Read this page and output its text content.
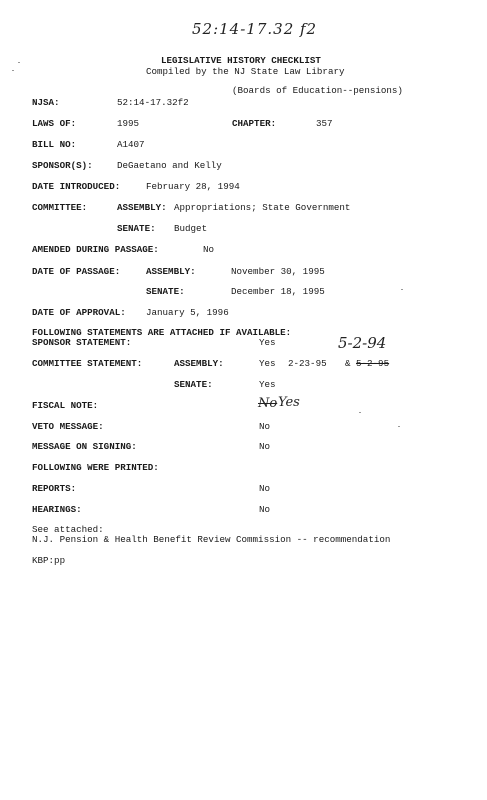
52:14-17.32 f2
LEGISLATIVE HISTORY CHECKLIST
Compiled by the NJ State Law Library
(Boards of Education--pensions)
NJSA:	52:14-17.32f2
LAWS OF:	1995	CHAPTER:	357
BILL NO:	A1407
SPONSOR(S):	DeGaetano and Kelly
DATE INTRODUCED:	February 28, 1994
COMMITTEE:	ASSEMBLY: Appropriations; State Government
SENATE: Budget
AMENDED DURING PASSAGE:	No
DATE OF PASSAGE:	ASSEMBLY:	November 30, 1995
SENATE:	December 18, 1995
DATE OF APPROVAL: January 5, 1996
FOLLOWING STATEMENTS ARE ATTACHED IF AVAILABLE:
SPONSOR STATEMENT:	Yes	5-2-94
COMMITTEE STATEMENT:	ASSEMBLY:	Yes 2-23-95 & 5-2-95
SENATE:	Yes
FISCAL NOTE:	No Yes
VETO MESSAGE:	No
MESSAGE ON SIGNING:	No
FOLLOWING WERE PRINTED:
REPORTS:	No
HEARINGS:	No
See attached:
N.J. Pension & Health Benefit Review Commission -- recommendation
KBP:pp
